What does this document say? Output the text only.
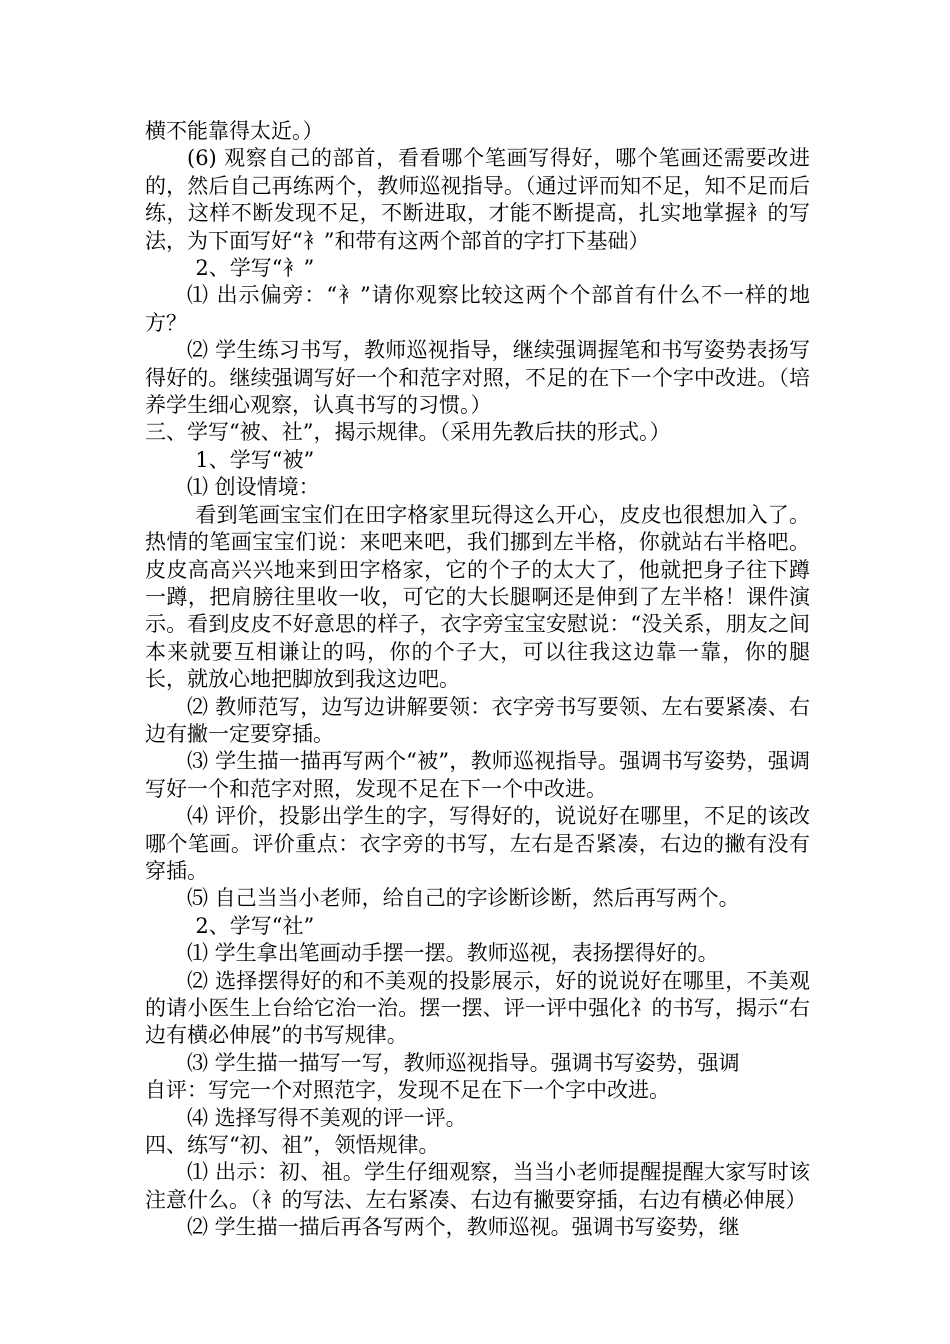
横不能靠得太近。）

(6) 观察自己的部首，看看哪个笔画写得好，哪个笔画还需要改进的，然后自己再练两个，教师巡视指导。（通过评而知不足，知不足而后练，这样不断发现不足，不断进取，才能不断提高，扎实地掌握衤的写法，为下面写好“衤”和带有这两个部首的字打下基础）

2、学写“衤”

⑴ 出示偏旁：“衤”请你观察比较这两个个部首有什么不一样的地方？

⑵ 学生练习书写，教师巡视指导，继续强调握笔和书写姿势表扬写得好的。继续强调写好一个和范字对照，不足的在下一个字中改进。（培养学生细心观察，认真书写的习惯。）

三、学写“被、社”，揭示规律。（采用先教后扶的形式。）

1、学写“被”

⑴ 创设情境：

看到笔画宝宝们在田字格家里玩得这么开心，皮皮也很想加入了。热情的笔画宝宝们说：来吧来吧，我们挪到左半格，你就站右半格吧。皮皮高高兴兴地来到田字格家，它的个子的太大了，他就把身子往下蹲一蹲，把肩膀往里收一收，可它的大长腿啊还是伸到了左半格！课件演示。看到皮皮不好意思的样子，衣字旁宝宝安慰说：“没关系，朋友之间本来就要互相谦让的吗，你的个子大，可以往我这边靠一靠，你的腿长，就放心地把脚放到我这边吧。

⑵ 教师范写，边写边讲解要领：衣字旁书写要领、左右要紧凑、右边有撇一定要穿插。

⑶ 学生描一描再写两个“被”，教师巡视指导。强调书写姿势，强调写好一个和范字对照，发现不足在下一个中改进。

⑷ 评价，投影出学生的字，写得好的，说说好在哪里，不足的该改哪个笔画。评价重点：衣字旁的书写，左右是否紧凑，右边的撇有没有穿插。

⑸ 自己当当小老师，给自己的字诊断诊断，然后再写两个。

2、学写“社”

⑴ 学生拿出笔画动手摆一摆。教师巡视，表扬摆得好的。

⑵ 选择摆得好的和不美观的投影展示，好的说说好在哪里，不美观的请小医生上台给它治一治。摆一摆、评一评中强化礻的书写，揭示“右边有横必伸展”的书写规律。

⑶ 学生描一描写一写，教师巡视指导。强调书写姿势，强调

自评：写完一个对照范字，发现不足在下一个字中改进。

⑷ 选择写得不美观的评一评。

四、练写“初、祖”，领悟规律。

⑴ 出示：初、祖。学生仔细观察，当当小老师提醒提醒大家写时该注意什么。（衤的写法、左右紧凑、右边有撇要穿插，右边有横必伸展）

⑵ 学生描一描后再各写两个，教师巡视。强调书写姿势，继
